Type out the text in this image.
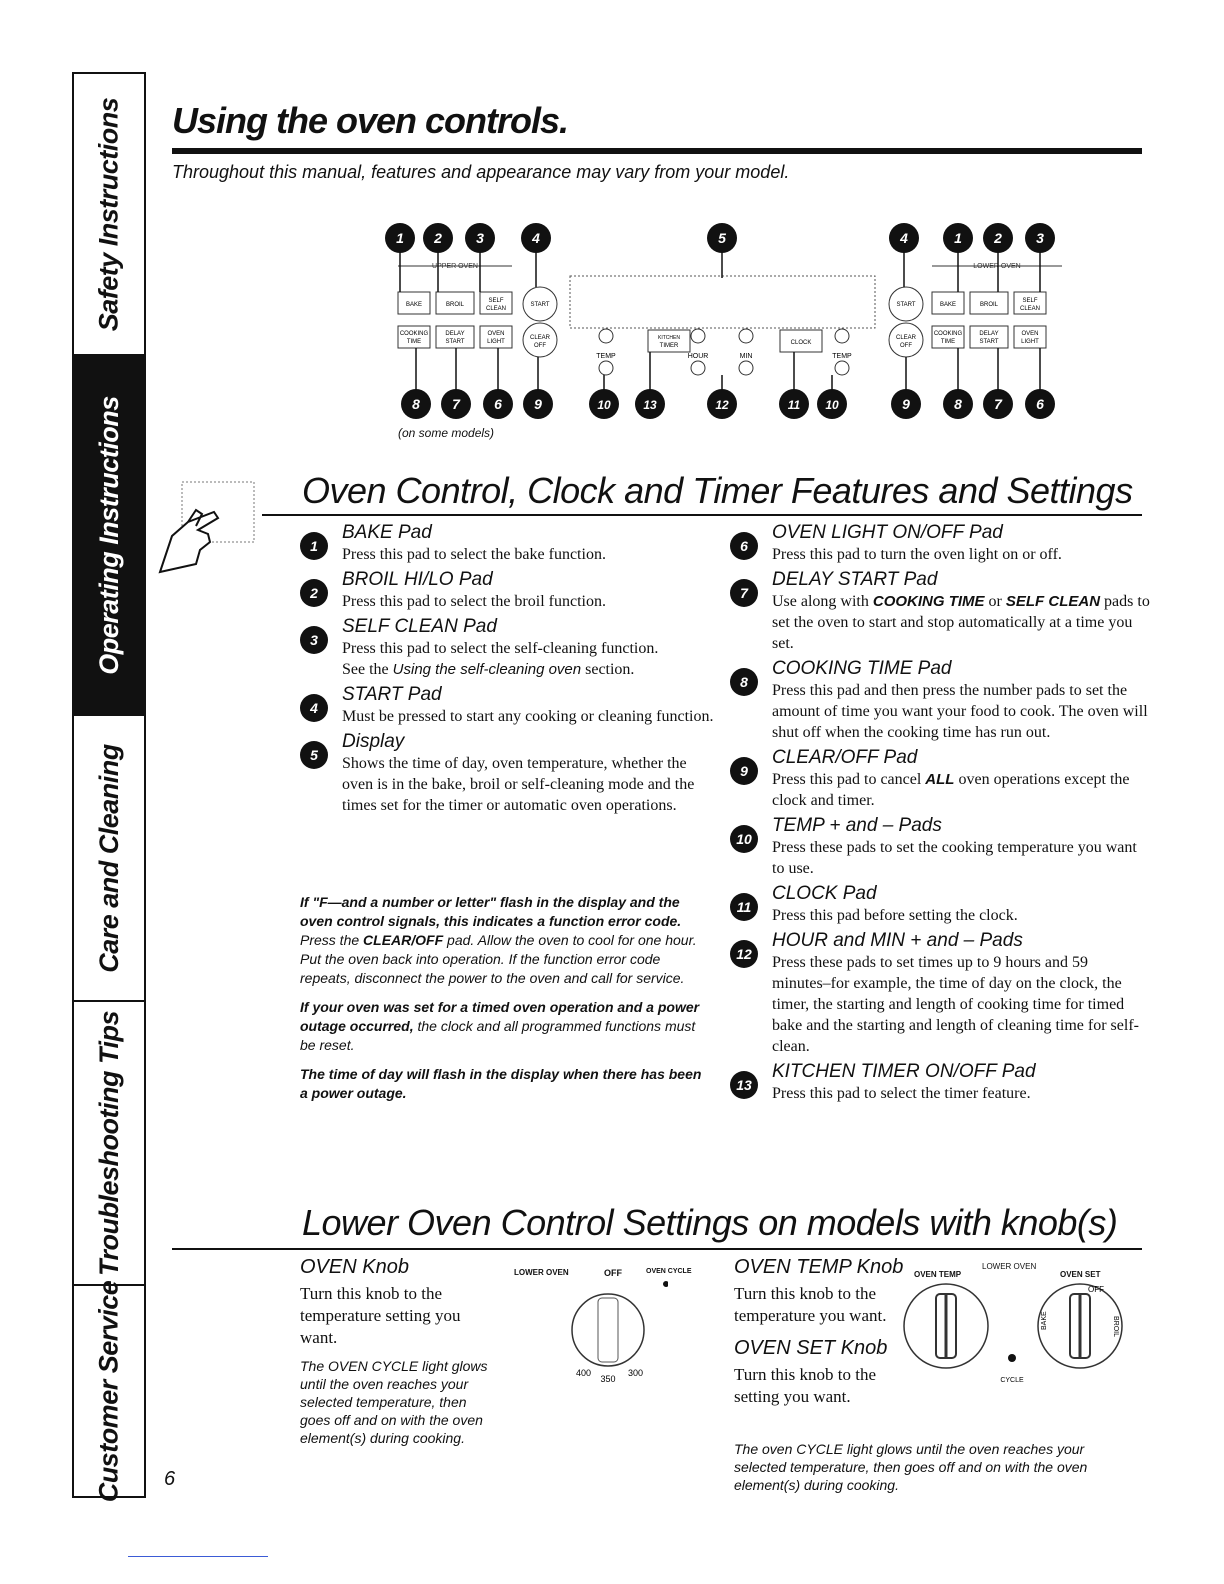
Safety Instructions
Operating Instructions
Care and Cleaning
Troubleshooting Tips
Customer Service
Using the oven controls.
Throughout this manual, features and appearance may vary from your model.
UPPER OVEN
BAKE	BROIL
SELF
CLEAN
START
COOKING
TIME
DELAY
START
OVEN
LIGHT
CLEAR
OFF
TEMP
KITCHEN
TIMER
HOUR	MIN
CLOCK
TEMP
START
CLEAR
OFF
LOWER OVEN
BAKE	BROIL
SELF
CLEAN
COOKING
TIME
DELAY
START
OVEN
LIGHT
1 2 3	4	5	4	1 2 3
8 7 6 9	10	13	12	11 10	9	8 7 6
(on some models)
Oven Control, Clock and Timer Features and Settings
1
BAKE Pad
Press this pad to select the bake function.
2
BROIL HI/LO Pad
Press this pad to select the broil function.
3
SELF CLEAN Pad
Press this pad to select the self-cleaning function.
See the Using the self-cleaning oven section.
4
START Pad
Must be pressed to start any cooking or cleaning function.
5
Display
Shows the time of day, oven temperature, whether the oven is in the bake, broil or self-cleaning mode and the times set for the timer or automatic oven operations.

If "F—and a number or letter" flash in the display and the oven control signals, this indicates a function error code. Press the CLEAR/OFF pad. Allow the oven to cool for one hour. Put the oven back into operation. If the function error code repeats, disconnect the power to the oven and call for service.

If your oven was set for a timed oven operation and a power outage occurred, the clock and all programmed functions must be reset.

The time of day will flash in the display when there has been a power outage.

6
OVEN LIGHT ON/OFF Pad
Press this pad to turn the oven light on or off.
7
DELAY START Pad
Use along with COOKING TIME or SELF CLEAN pads to set the oven to start and stop automatically at a time you set.
8
COOKING TIME Pad
Press this pad and then press the number pads to set the amount of time you want your food to cook. The oven will shut off when the cooking time has run out.
9
CLEAR/OFF Pad
Press this pad to cancel ALL oven operations except the clock and timer.
10
TEMP + and – Pads
Press these pads to set the cooking temperature you want to use.
11
CLOCK Pad
Press this pad before setting the clock.
12
HOUR and MIN + and – Pads
Press these pads to set times up to 9 hours and 59 minutes–for example, the time of day on the clock, the timer, the starting and length of cooking time for timed bake and the starting and length of cleaning time for self-clean.
13
KITCHEN TIMER ON/OFF Pad
Press this pad to select the timer feature.
Lower Oven Control Settings on models with knob(s)
OVEN Knob
Turn this knob to the temperature setting you want.
The OVEN CYCLE light glows until the oven reaches your selected temperature, then goes off and on with the oven element(s) during cooking.
LOWER OVEN	OFF	OVEN CYCLE
350
400	300
OVEN TEMP Knob
Turn this knob to the temperature you want.
OVEN SET Knob
Turn this knob to the setting you want.
OVEN TEMP
LOWER OVEN
OVEN SET
CYCLE
OFF
BAKE	BROIL
The oven CYCLE light glows until the oven reaches your selected temperature, then goes off and on with the oven element(s) during cooking.
6
